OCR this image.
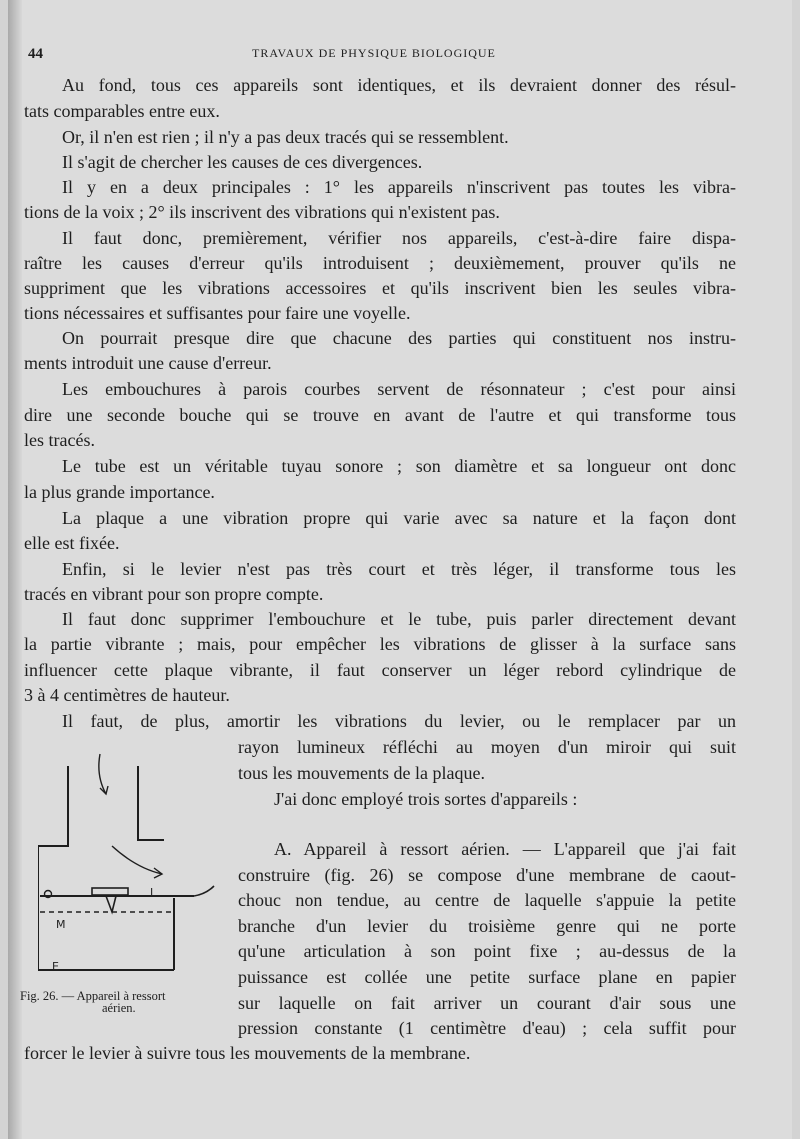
44	TRAVAUX DE PHYSIQUE BIOLOGIQUE
Au fond, tous ces appareils sont identiques, et ils devraient donner des résul-
tats comparables entre eux.
Or, il n'en est rien ; il n'y a pas deux tracés qui se ressemblent.
Il s'agit de chercher les causes de ces divergences.
Il y en a deux principales : 1° les appareils n'inscrivent pas toutes les vibra-
tions de la voix ; 2° ils inscrivent des vibrations qui n'existent pas.
Il faut donc, premièrement, vérifier nos appareils, c'est-à-dire faire dispa-
raître les causes d'erreur qu'ils introduisent ; deuxièmement, prouver qu'ils ne
suppriment que les vibrations accessoires et qu'ils inscrivent bien les seules vibra-
tions nécessaires et suffisantes pour faire une voyelle.
On pourrait presque dire que chacune des parties qui constituent nos instru-
ments introduit une cause d'erreur.
Les embouchures à parois courbes servent de résonnateur ; c'est pour ainsi
dire une seconde bouche qui se trouve en avant de l'autre et qui transforme tous
les tracés.
Le tube est un véritable tuyau sonore ; son diamètre et sa longueur ont donc
la plus grande importance.
La plaque a une vibration propre qui varie avec sa nature et la façon dont
elle est fixée.
Enfin, si le levier n'est pas très court et très léger, il transforme tous les
tracés en vibrant pour son propre compte.
Il faut donc supprimer l'embouchure et le tube, puis parler directement devant
la partie vibrante ; mais, pour empêcher les vibrations de glisser à la surface sans
influencer cette plaque vibrante, il faut conserver un léger rebord cylindrique de
3 à 4 centimètres de hauteur.
Il faut, de plus, amortir les vibrations du levier, ou le remplacer par un
rayon lumineux réfléchi au moyen d'un miroir qui suit
tous les mouvements de la plaque.
J'ai donc employé trois sortes d'appareils :
A. Appareil à ressort aérien. — L'appareil que j'ai fait
construire (fig. 26) se compose d'une membrane de caout-
chouc non tendue, au centre de laquelle s'appuie la petite
branche d'un levier du troisième genre qui ne porte
qu'une articulation à son point fixe ; au-dessus de la
puissance est collée une petite surface plane en papier
sur laquelle on fait arriver un courant d'air sous une
pression constante (1 centimètre d'eau) ; cela suffit pour
forcer le levier à suivre tous les mouvements de la membrane.
L
M
E
Fig. 26. — Appareil à ressort
aérien.
